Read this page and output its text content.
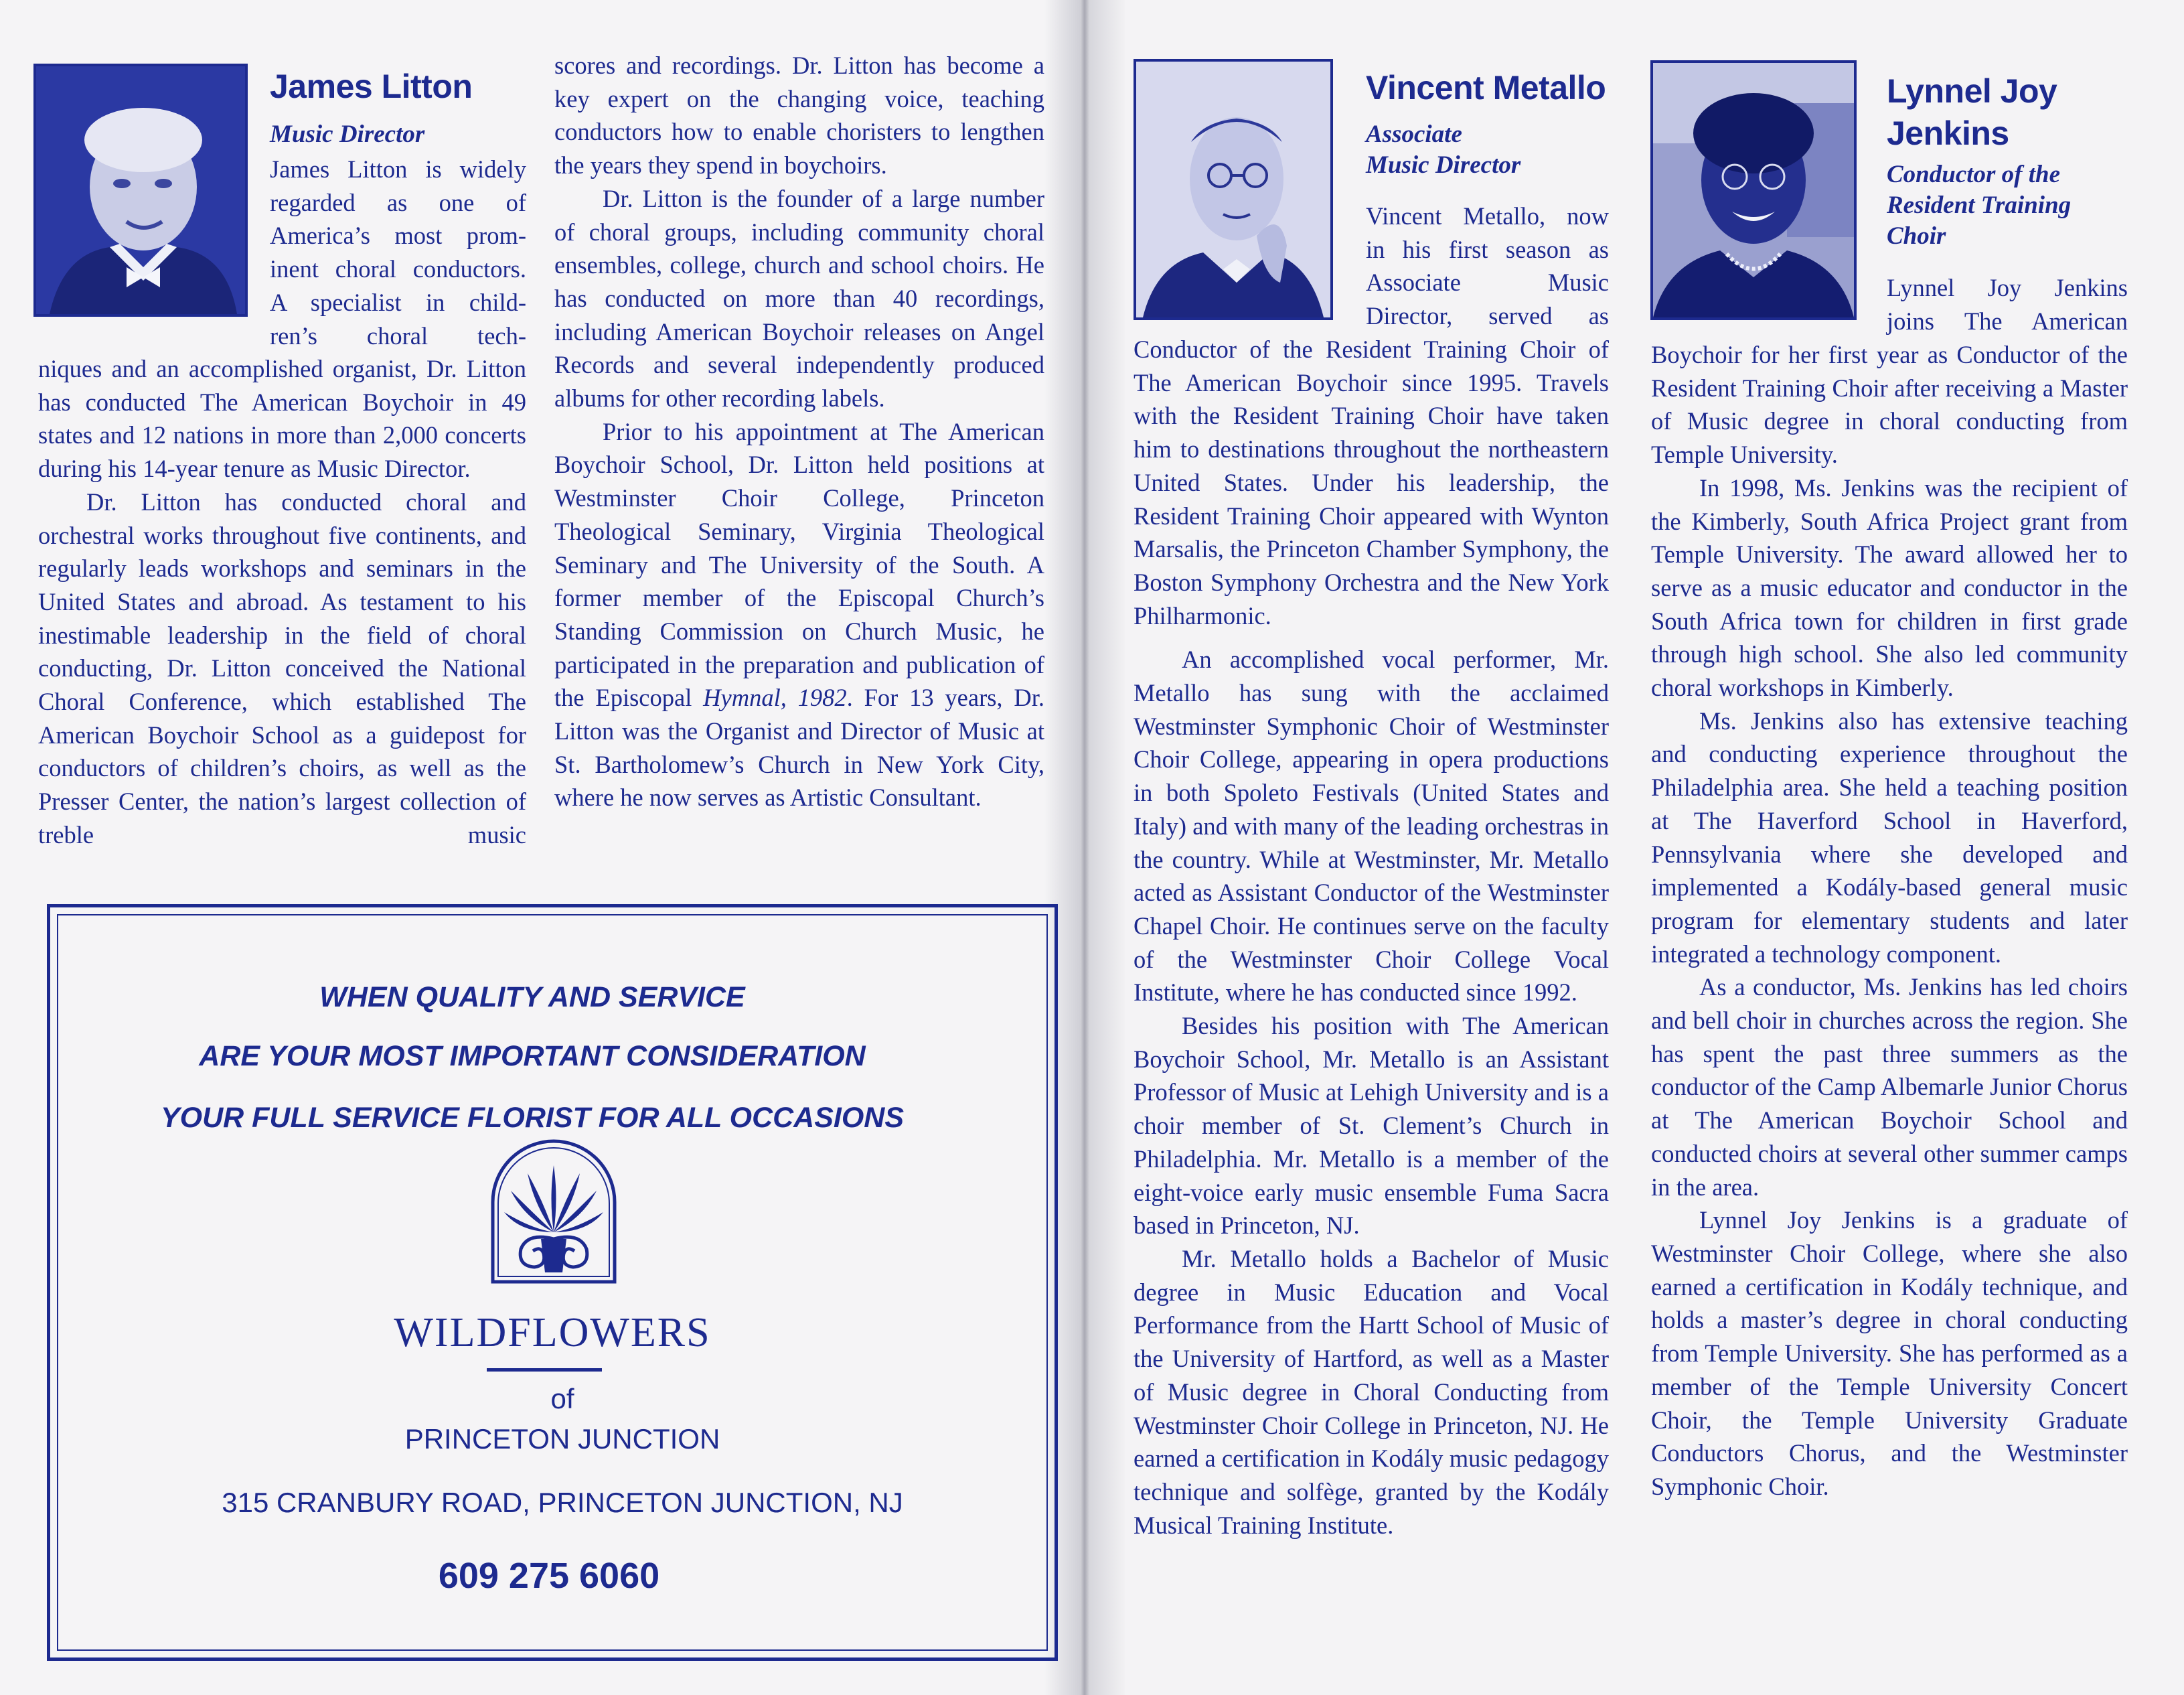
James Litton
Music Director

James Litton is widely

regarded as one of

America’s most prom-

inent choral conductors.

A specialist in child-

ren’s choral tech-

niques and an accomplished organist, Dr. Litton has conducted The American Boychoir in 49 states and 12 nations in more than 2,000 concerts during his 14-year tenure as Music Director.

Dr. Litton has conducted choral and orchestral works throughout five continents, and regularly leads workshops and seminars in the United States and abroad. As testament to his inestimable leadership in the field of choral conducting, Dr. Litton conceived the National Choral Conference, which established The American Boychoir School as a guidepost for conductors of children’s choirs, as well as the Presser Center, the nation’s largest collection of treble music

scores and recordings. Dr. Litton has become a key expert on the changing voice, teaching conductors how to enable choristers to lengthen the years they spend in boychoirs.

Dr. Litton is the founder of a large number of choral groups, including community choral ensembles, college, church and school choirs. He has conducted on more than 40 recordings, including American Boychoir releases on Angel Records and several independently produced albums for other recording labels.

Prior to his appointment at The American Boychoir School, Dr. Litton held positions at Westminster Choir College, Princeton Theological Seminary, Virginia Theological Seminary and The University of the South. A former member of the Episcopal Church’s Standing Commission on Church Music, he participated in the preparation and publication of the Episcopal Hymnal, 1982. For 13 years, Dr. Litton was the Organist and Director of Music at St. Bartholomew’s Church in New York City, where he now serves as Artistic Consultant.

WHEN QUALITY AND SERVICE
ARE YOUR MOST IMPORTANT CONSIDERATION
YOUR FULL SERVICE FLORIST FOR ALL OCCASIONS
WILDFLOWERS
of
PRINCETON JUNCTION
315 CRANBURY ROAD, PRINCETON JUNCTION, NJ
609 275 6060
Vincent Metallo
Associate
Music Director

Vincent Metallo, now

in his first season as

Associate Music

Director, served as

Conductor of the Resident Training Choir of The American Boychoir since 1995. Travels with the Resident Training Choir have taken him to destinations throughout the northeastern United States. Under his leadership, the Resident Training Choir appeared with Wynton Marsalis, the Princeton Chamber Symphony, the Boston Symphony Orchestra and the New York Philharmonic.

An accomplished vocal performer, Mr. Metallo has sung with the acclaimed Westminster Symphonic Choir of Westminster Choir College, appearing in opera productions in both Spoleto Festivals (United States and Italy) and with many of the leading orchestras in the country. While at Westminster, Mr. Metallo acted as Assistant Conductor of the Westminster Chapel Choir. He continues serve on the faculty of the Westminster Choir College Vocal Institute, where he has conducted since 1992.

Besides his position with The American Boychoir School, Mr. Metallo is an Assistant Professor of Music at Lehigh University and is a choir member of St. Clement’s Church in Philadelphia. Mr. Metallo is a member of the eight-voice early music ensemble Fuma Sacra based in Princeton, NJ.

Mr. Metallo holds a Bachelor of Music degree in Music Education and Vocal Performance from the Hartt School of Music of the University of Hartford, as well as a Master of Music degree in Choral Conducting from Westminster Choir College in Princeton, NJ. He earned a certification in Kodály music pedagogy technique and solfège, granted by the Kodály Musical Training Institute.

Lynnel Joy
Jenkins
Conductor of the
Resident Training
Choir

Lynnel Joy Jenkins

joins The American

Boychoir for her first year as Conductor of the Resident Training Choir after receiving a Master of Music degree in choral conducting from Temple University.

In 1998, Ms. Jenkins was the recipient of the Kimberly, South Africa Project grant from Temple University. The award allowed her to serve as a music educator and conductor in the South Africa town for children in first grade through high school. She also led community choral workshops in Kimberly.

Ms. Jenkins also has extensive teaching and conducting experience throughout the Philadelphia area. She held a teaching position at The Haverford School in Haverford, Pennsylvania where she developed and implemented a Kodály-based general music program for elementary students and later integrated a technology component.

As a conductor, Ms. Jenkins has led choirs and bell choir in churches across the region. She has spent the past three summers as the conductor of the Camp Albemarle Junior Chorus at The American Boychoir School and conducted choirs at several other summer camps in the area.

Lynnel Joy Jenkins is a graduate of Westminster Choir College, where she also earned a certification in Kodály technique, and holds a master’s degree in choral conducting from Temple University. She has performed as a member of the Temple University Concert Choir, the Temple University Graduate Conductors Chorus, and the Westminster Symphonic Choir.
